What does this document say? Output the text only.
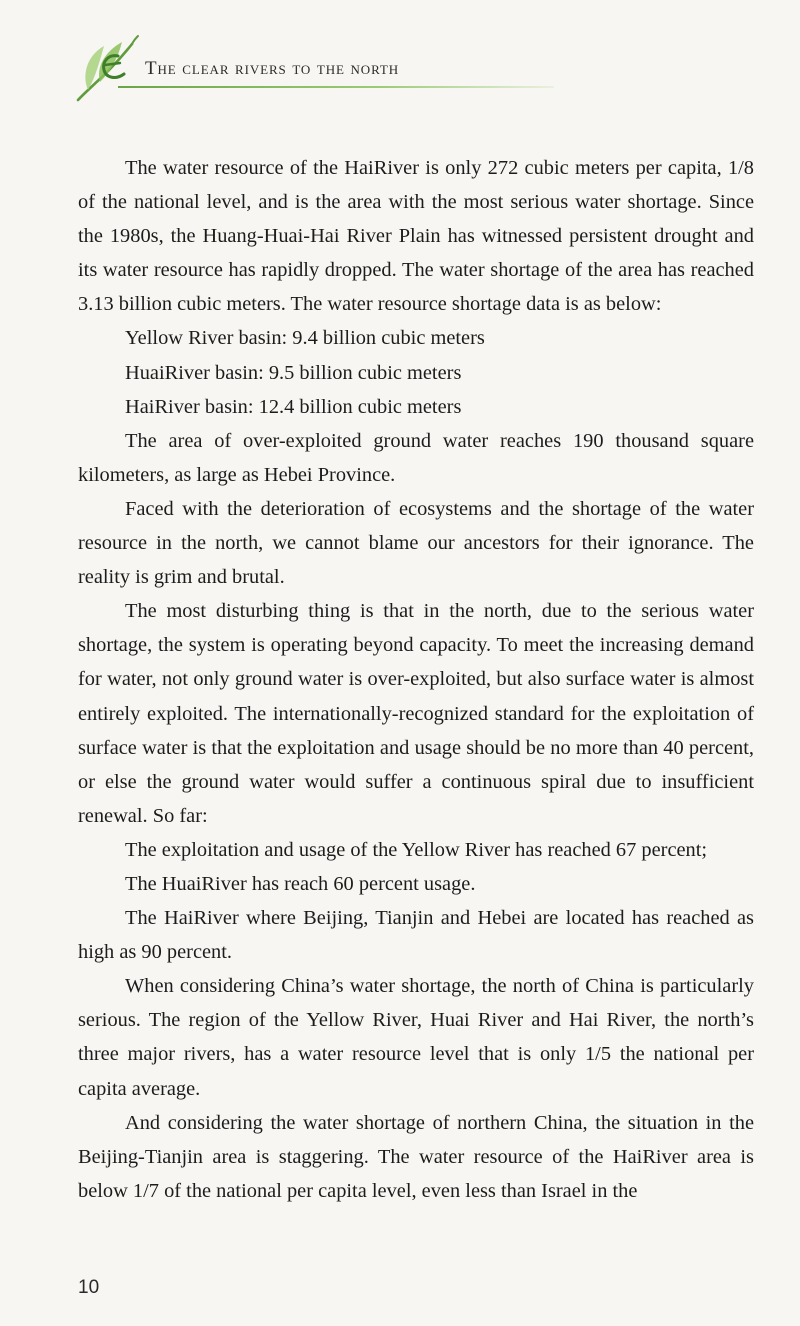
The clear rivers to the north

The water resource of the HaiRiver is only 272 cubic meters per capita, 1/8 of the national level, and is the area with the most serious water shortage. Since the 1980s, the Huang-Huai-Hai River Plain has witnessed persistent drought and its water resource has rapidly dropped. The water shortage of the area has reached 3.13 billion cubic meters. The water resource shortage data is as below:

Yellow River basin: 9.4 billion cubic meters

HuaiRiver basin: 9.5 billion cubic meters

HaiRiver basin: 12.4 billion cubic meters

The area of over-exploited ground water reaches 190 thousand square kilometers, as large as Hebei Province.

Faced with the deterioration of ecosystems and the shortage of the water resource in the north, we cannot blame our ancestors for their ignorance. The reality is grim and brutal.

The most disturbing thing is that in the north, due to the serious water shortage, the system is operating beyond capacity. To meet the increasing demand for water, not only ground water is over-exploited, but also surface water is almost entirely exploited. The internationally-recognized standard for the exploitation of surface water is that the exploitation and usage should be no more than 40 percent, or else the ground water would suffer a continuous spiral due to insufficient renewal. So far:

The exploitation and usage of the Yellow River has reached 67 percent;

The HuaiRiver has reach 60 percent usage.

The HaiRiver where Beijing, Tianjin and Hebei are located has reached as high as 90 percent.

When considering China’s water shortage, the north of China is particularly serious. The region of the Yellow River, Huai River and Hai River, the north’s three major rivers, has a water resource level that is only 1/5 the national per capita average.

And considering the water shortage of northern China, the situation in the Beijing-Tianjin area is staggering. The water resource of the HaiRiver area is below 1/7 of the national per capita level, even less than Israel in the

10
